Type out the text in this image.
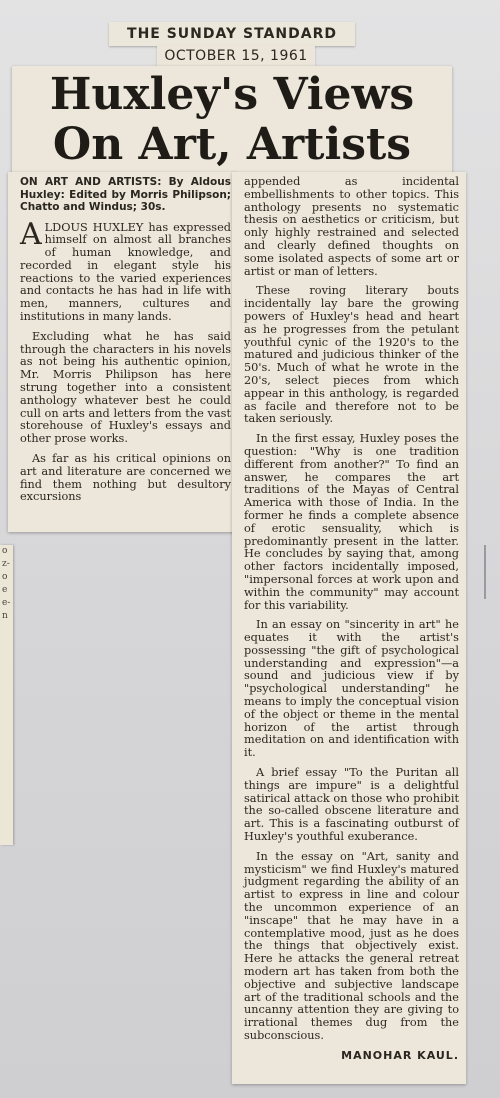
o
z-
o
e
e-
n
THE SUNDAY STANDARD
OCTOBER 15, 1961
Huxley's Views On Art, Artists
ON ART AND ARTISTS: By Aldous Huxley: Edited by Morris Philipson; Chatto and Windus; 30s.

ALDOUS HUXLEY has expressed himself on almost all branches of human knowledge, and recorded in elegant style his reactions to the varied experiences and contacts he has had in life with men, manners, cultures and institutions in many lands.

Excluding what he has said through the characters in his novels as not being his authentic opinion, Mr. Morris Philipson has here strung together into a consistent anthology whatever best he could cull on arts and letters from the vast storehouse of Huxley's essays and other prose works.

As far as his critical opinions on art and literature are concerned we find them nothing but desultory excursions

appended as incidental embellishments to other topics. This anthology presents no systematic thesis on aesthetics or criticism, but only highly restrained and selected and clearly defined thoughts on some isolated aspects of some art or artist or man of letters.

These roving literary bouts incidentally lay bare the growing powers of Huxley's head and heart as he progresses from the petulant youthful cynic of the 1920's to the matured and judicious thinker of the 50's. Much of what he wrote in the 20's, select pieces from which appear in this anthology, is regarded as facile and therefore not to be taken seriously.

In the first essay, Huxley poses the question: "Why is one tradition different from another?" To find an answer, he compares the art traditions of the Mayas of Central America with those of India. In the former he finds a complete absence of erotic sensuality, which is predominantly present in the latter. He concludes by saying that, among other factors incidentally imposed, "impersonal forces at work upon and within the community" may account for this variability.

In an essay on "sincerity in art" he equates it with the artist's possessing "the gift of psychological understanding and expression"—a sound and judicious view if by "psychological understanding" he means to imply the conceptual vision of the object or theme in the mental horizon of the artist through meditation on and identification with it.

A brief essay "To the Puritan all things are impure" is a delightful satirical attack on those who prohibit the so-called obscene literature and art. This is a fascinating outburst of Huxley's youthful exuberance.

In the essay on "Art, sanity and mysticism" we find Huxley's matured judgment regarding the ability of an artist to express in line and colour the uncommon experience of an "inscape" that he may have in a contemplative mood, just as he does the things that objectively exist. Here he attacks the general retreat modern art has taken from both the objective and subjective landscape art of the traditional schools and the uncanny attention they are giving to irrational themes dug from the subconscious.

MANOHAR KAUL.
